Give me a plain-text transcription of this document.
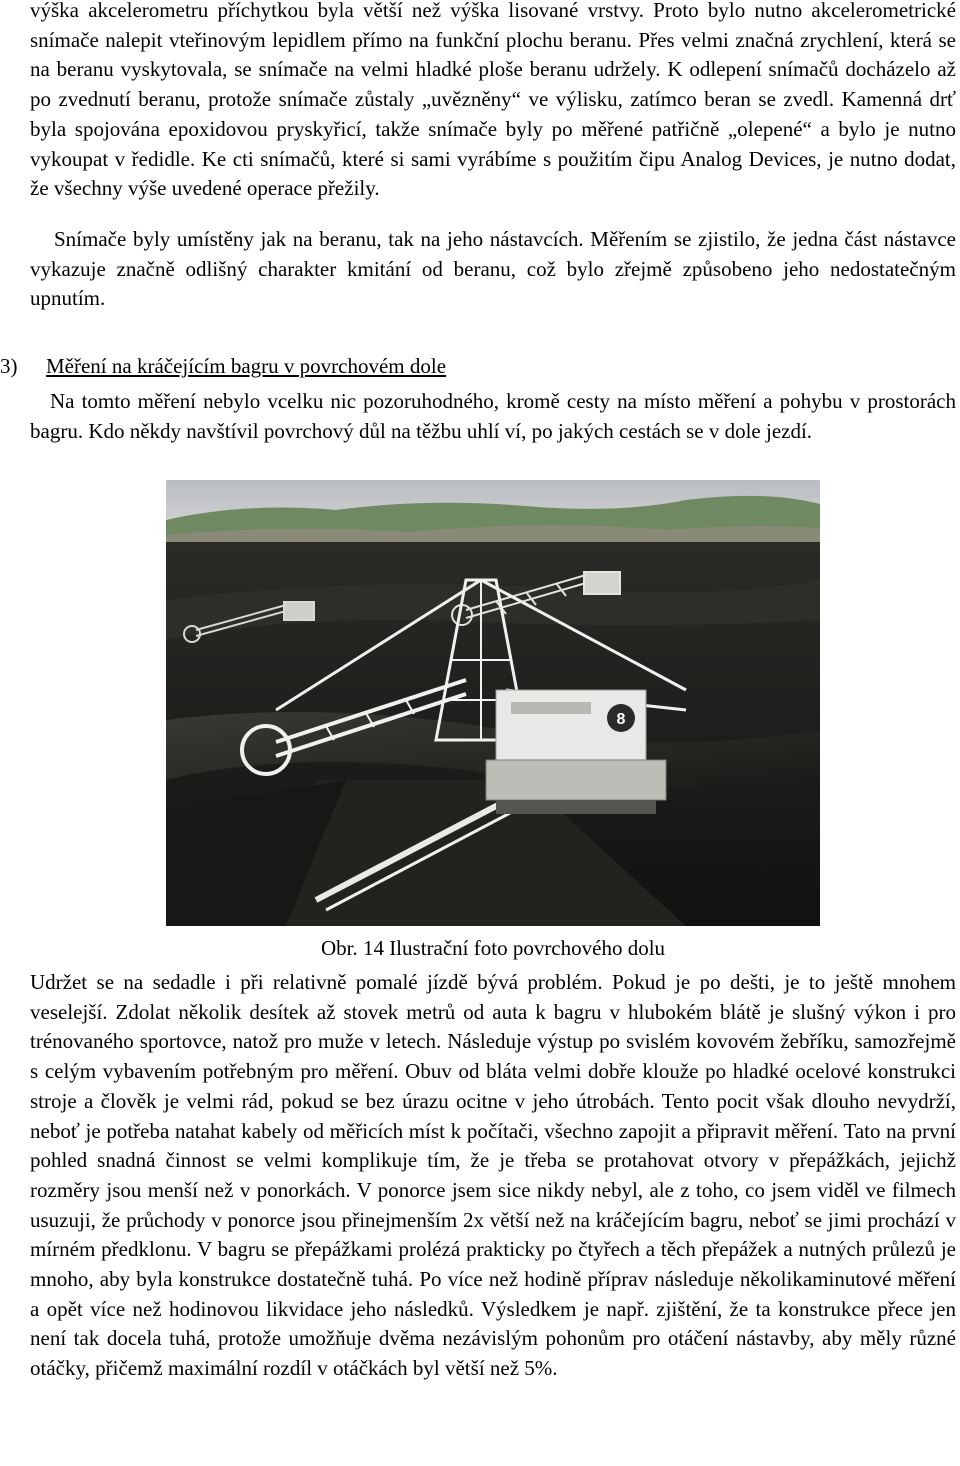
výška akcelerometru příchytkou byla větší než výška lisované vrstvy. Proto bylo nutno akcelerometrické snímače nalepit vteřinovým lepidlem přímo na funkční plochu beranu. Přes velmi značná zrychlení, která se na beranu vyskytovala, se snímače na velmi hladké ploše beranu udržely. K odlepení snímačů docházelo až po zvednutí beranu, protože snímače zůstaly „uvězněny“ ve výlisku, zatímco beran se zvedl. Kamenná drť byla spojována epoxidovou pryskyřicí, takže snímače byly po měřené patřičně „olepené“ a bylo je nutno vykoupat v ředidle. Ke cti snímačů, které si sami vyrábíme s použitím čipu Analog Devices, je nutno dodat, že všechny výše uvedené operace přežily.

Snímače byly umístěny jak na beranu, tak na jeho nástavcích. Měřením se zjistilo, že jedna část nástavce vykazuje značně odlišný charakter kmitání od beranu, což bylo zřejmě způsobeno jeho nedostatečným upnutím.

3) Měření na kráčejícím bagru v povrchovém dole

Na tomto měření nebylo vcelku nic pozoruhodného, kromě cesty na místo měření a pohybu v prostorách bagru. Kdo někdy navštívil povrchový důl na těžbu uhlí ví, po jakých cestách se v dole jezdí.

8
Obr. 14 Ilustrační foto povrchového dolu

Udržet se na sedadle i při relativně pomalé jízdě bývá problém. Pokud je po dešti, je to ještě mnohem veselejší. Zdolat několik desítek až stovek metrů od auta k bagru v hlubokém blátě je slušný výkon i pro trénovaného sportovce, natož pro muže v letech. Následuje výstup po svislém kovovém žebříku, samozřejmě s celým vybavením potřebným pro měření. Obuv od bláta velmi dobře klouže po hladké ocelové konstrukci stroje a člověk je velmi rád, pokud se bez úrazu ocitne v jeho útrobách. Tento pocit však dlouho nevydrží, neboť je potřeba natahat kabely od měřicích míst k počítači, všechno zapojit a připravit měření. Tato na první pohled snadná činnost se velmi komplikuje tím, že je třeba se protahovat otvory v přepážkách, jejichž rozměry jsou menší než v ponorkách. V ponorce jsem sice nikdy nebyl, ale z toho, co jsem viděl ve filmech usuzuji, že průchody v ponorce jsou přinejmenším 2x větší než na kráčejícím bagru, neboť se jimi prochází v mírném předklonu. V bagru se přepážkami prolézá prakticky po čtyřech a těch přepážek a nutných průlezů je mnoho, aby byla konstrukce dostatečně tuhá. Po více než hodině příprav následuje několikaminutové měření a opět více než hodinovou likvidace jeho následků. Výsledkem je např. zjištění, že ta konstrukce přece jen není tak docela tuhá, protože umožňuje dvěma nezávislým pohonům pro otáčení nástavby, aby měly různé otáčky, přičemž maximální rozdíl v otáčkách byl větší než 5%.
